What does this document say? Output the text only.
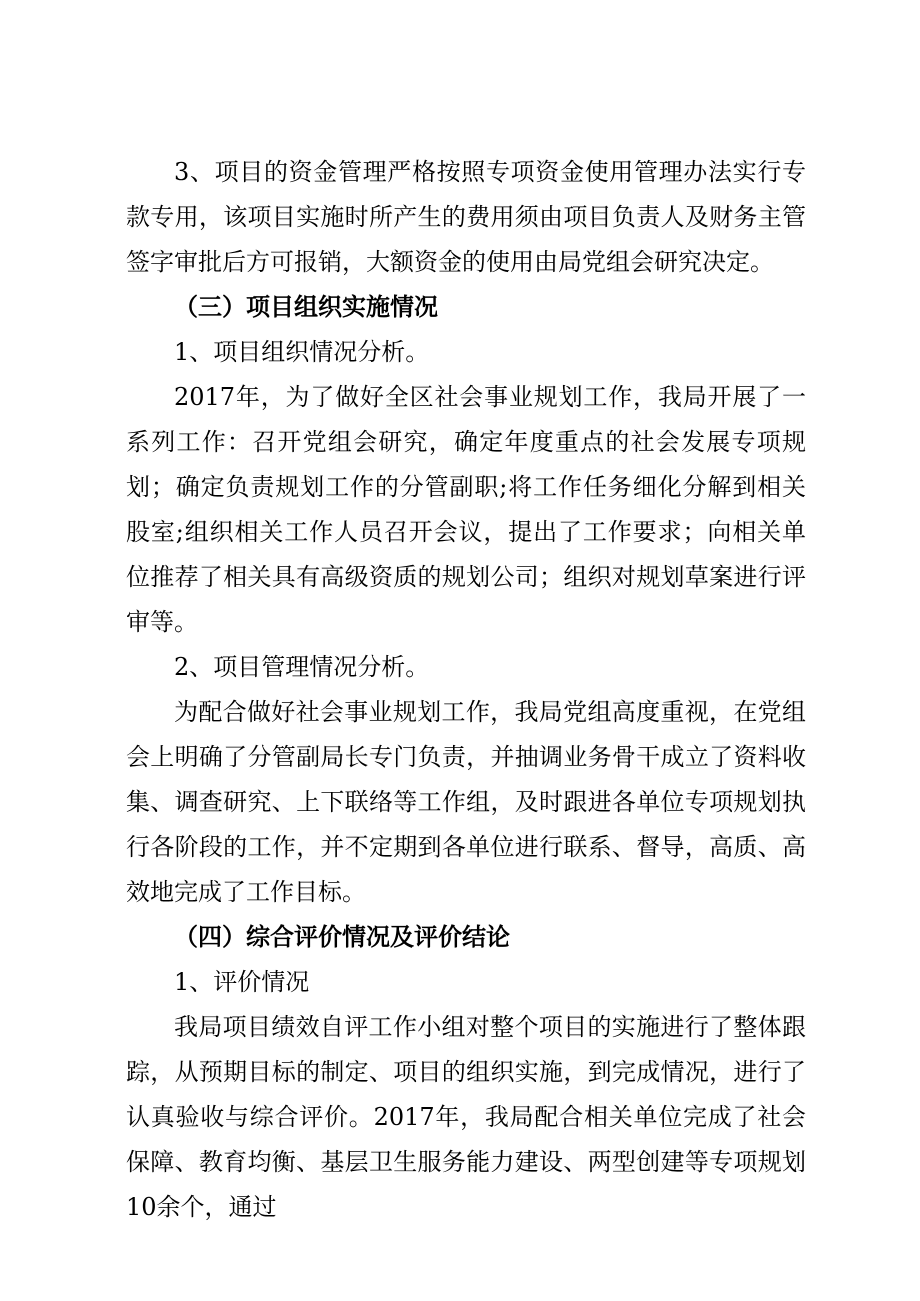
3、项目的资金管理严格按照专项资金使用管理办法实行专款专用，该项目实施时所产生的费用须由项目负责人及财务主管签字审批后方可报销，大额资金的使用由局党组会研究决定。

（三）项目组织实施情况

1、项目组织情况分析。

2017年，为了做好全区社会事业规划工作，我局开展了一系列工作：召开党组会研究，确定年度重点的社会发展专项规划；确定负责规划工作的分管副职;将工作任务细化分解到相关股室;组织相关工作人员召开会议，提出了工作要求；向相关单位推荐了相关具有高级资质的规划公司；组织对规划草案进行评审等。

2、项目管理情况分析。

为配合做好社会事业规划工作，我局党组高度重视，在党组会上明确了分管副局长专门负责，并抽调业务骨干成立了资料收集、调查研究、上下联络等工作组，及时跟进各单位专项规划执行各阶段的工作，并不定期到各单位进行联系、督导，高质、高效地完成了工作目标。

（四）综合评价情况及评价结论

1、评价情况

我局项目绩效自评工作小组对整个项目的实施进行了整体跟踪，从预期目标的制定、项目的组织实施，到完成情况，进行了认真验收与综合评价。2017年，我局配合相关单位完成了社会保障、教育均衡、基层卫生服务能力建设、两型创建等专项规划10余个，通过
